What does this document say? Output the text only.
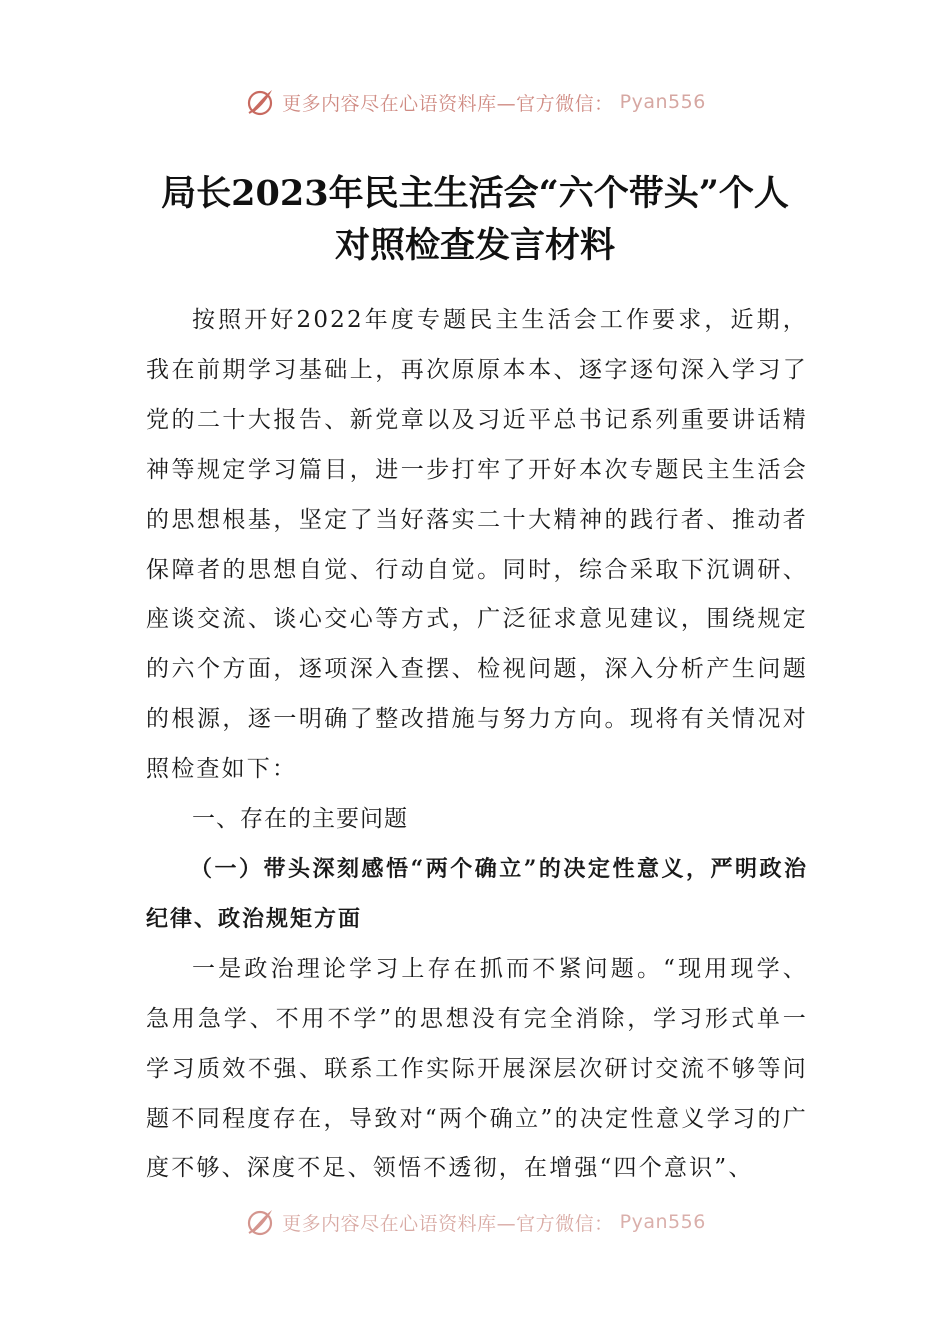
更多内容尽在心语资料库—官方微信： Pyan556
局长2023年民主生活会“六个带头”个人
对照检查发言材料

按照开好2022年度专题民主生活会工作要求，近期，我在前期学习基础上，再次原原本本、逐字逐句深入学习了党的二十大报告、新党章以及习近平总书记系列重要讲话精神等规定学习篇目，进一步打牢了开好本次专题民主生活会的思想根基，坚定了当好落实二十大精神的践行者、推动者保障者的思想自觉、行动自觉。同时，综合采取下沉调研、座谈交流、谈心交心等方式，广泛征求意见建议，围绕规定的六个方面，逐项深入查摆、检视问题，深入分析产生问题的根源，逐一明确了整改措施与努力方向。现将有关情况对照检查如下：

一、存在的主要问题
（一）带头深刻感悟“两个确立”的决定性意义，严明政治纪律、政治规矩方面

一是政治理论学习上存在抓而不紧问题。“现用现学、急用急学、不用不学”的思想没有完全消除，学习形式单一学习质效不强、联系工作实际开展深层次研讨交流不够等问题不同程度存在，导致对“两个确立”的决定性意义学习的广度不够、深度不足、领悟不透彻，在增强“四个意识”、

更多内容尽在心语资料库—官方微信： Pyan556
